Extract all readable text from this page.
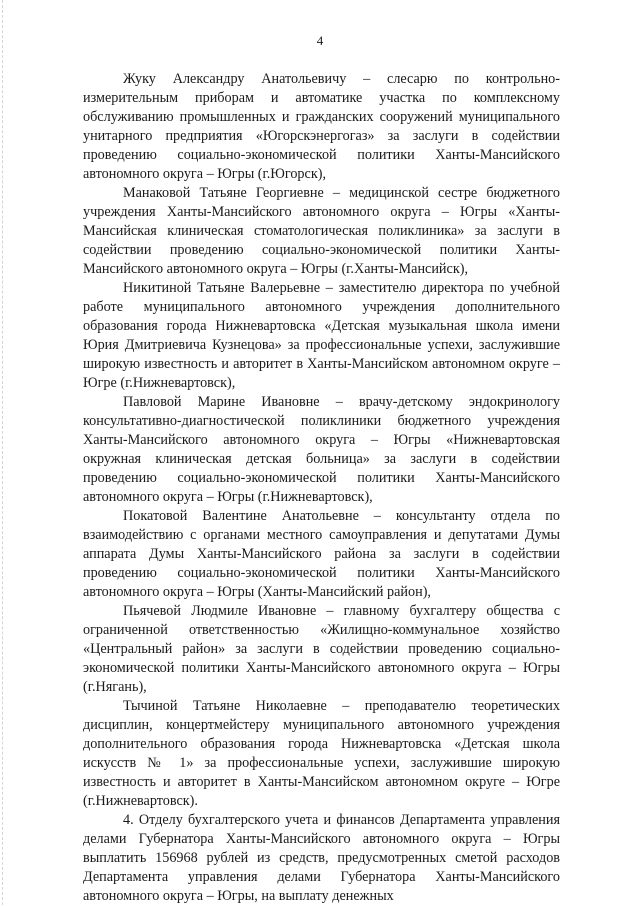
4

Жуку Александру Анатольевичу – слесарю по контрольно-измерительным приборам и автоматике участка по комплексному обслуживанию промышленных и гражданских сооружений муниципального унитарного предприятия «Югорскэнергогаз» за заслуги в содействии проведению социально-экономической политики Ханты-Мансийского автономного округа – Югры (г.Югорск),

Манаковой Татьяне Георгиевне – медицинской сестре бюджетного учреждения Ханты-Мансийского автономного округа – Югры «Ханты-Мансийская клиническая стоматологическая поликлиника» за заслуги в содействии проведению социально-экономической политики Ханты-Мансийского автономного округа – Югры (г.Ханты-Мансийск),

Никитиной Татьяне Валерьевне – заместителю директора по учебной работе муниципального автономного учреждения дополнительного образования города Нижневартовска «Детская музыкальная школа имени Юрия Дмитриевича Кузнецова» за профессиональные успехи, заслужившие широкую известность и авторитет в Ханты-Мансийском автономном округе – Югре (г.Нижневартовск),

Павловой Марине Ивановне – врачу-детскому эндокринологу консультативно-диагностической поликлиники бюджетного учреждения Ханты-Мансийского автономного округа – Югры «Нижневартовская окружная клиническая детская больница» за заслуги в содействии проведению социально-экономической политики Ханты-Мансийского автономного округа – Югры (г.Нижневартовск),

Покатовой Валентине Анатольевне – консультанту отдела по взаимодействию с органами местного самоуправления и депутатами Думы аппарата Думы Ханты-Мансийского района за заслуги в содействии проведению социально-экономической политики Ханты-Мансийского автономного округа – Югры (Ханты-Мансийский район),

Пьячевой Людмиле Ивановне – главному бухгалтеру общества с ограниченной ответственностью «Жилищно-коммунальное хозяйство «Центральный район» за заслуги в содействии проведению социально-экономической политики Ханты-Мансийского автономного округа – Югры (г.Нягань),

Тычиной Татьяне Николаевне – преподавателю теоретических дисциплин, концертмейстеру муниципального автономного учреждения дополнительного образования города Нижневартовска «Детская школа искусств № 1» за профессиональные успехи, заслужившие широкую известность и авторитет в Ханты-Мансийском автономном округе – Югре (г.Нижневартовск).

4. Отделу бухгалтерского учета и финансов Департамента управления делами Губернатора Ханты-Мансийского автономного округа – Югры выплатить 156968 рублей из средств, предусмотренных сметой расходов Департамента управления делами Губернатора Ханты-Мансийского автономного округа – Югры, на выплату денежных
